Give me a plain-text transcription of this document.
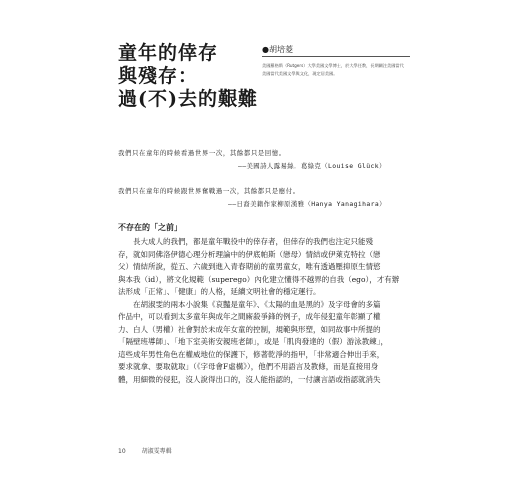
童年的倖存
與殘存：
過(不)去的艱難
●胡培菱
美國羅格斯（Rutgers）大學美國文學博士，於大學任教，長期關注美國當代
美國當代美國文學與文化，現定居美國。
我們只在童年的時候看過世界一次，其餘都只是回憶。
——美國詩人露易絲．葛綠克（Louise Glück）
我們只在童年的時候跟世界奮戰過一次，其餘都只是應付。
——日裔美籍作家柳原漢雅（Hanya Yanagihara）
不存在的「之前」
長大成人的我們，都是童年戰役中的倖存者，但倖存的我們也注定只能殘
存，就如同佛洛伊德心理分析理論中的伊底帕斯（戀母）情結或伊萊克特拉（戀
父）情結所說，從五、六歲到進入青春期前的童男童女，唯有透過壓抑原生情慾
與本我（id），將文化規範（superego）內化建立懂得不越界的自我（ego），才有辦
法形成「正常」、「健康」的人格，延續文明社會的穩定運行。
在胡淑雯的兩本小說集《哀豔是童年》、《太陽的血是黑的》及字母會的多篇
作品中，可以看到太多童年與成年之間廝殺爭鋒的例子，成年侵犯童年彰顯了權
力、白人（男權）社會對於未成年女童的控制，規範與形塑，如同故事中所提的
「隔壁班導師」、「地下室美術安親班老師」，或是「肌肉發達的（假）游泳教練」，
這些成年男性角色在權威地位的保護下，修著乾淨的指甲，「非常適合伸出手來，
要求就拿、要取就取」（《字母會F虛構》），他們不用語言及教條，而是直接用身
體，用細微的侵犯，沒人說得出口的，沒人能指認的，一付讓言語或指認就消失
10	胡淑雯專輯
